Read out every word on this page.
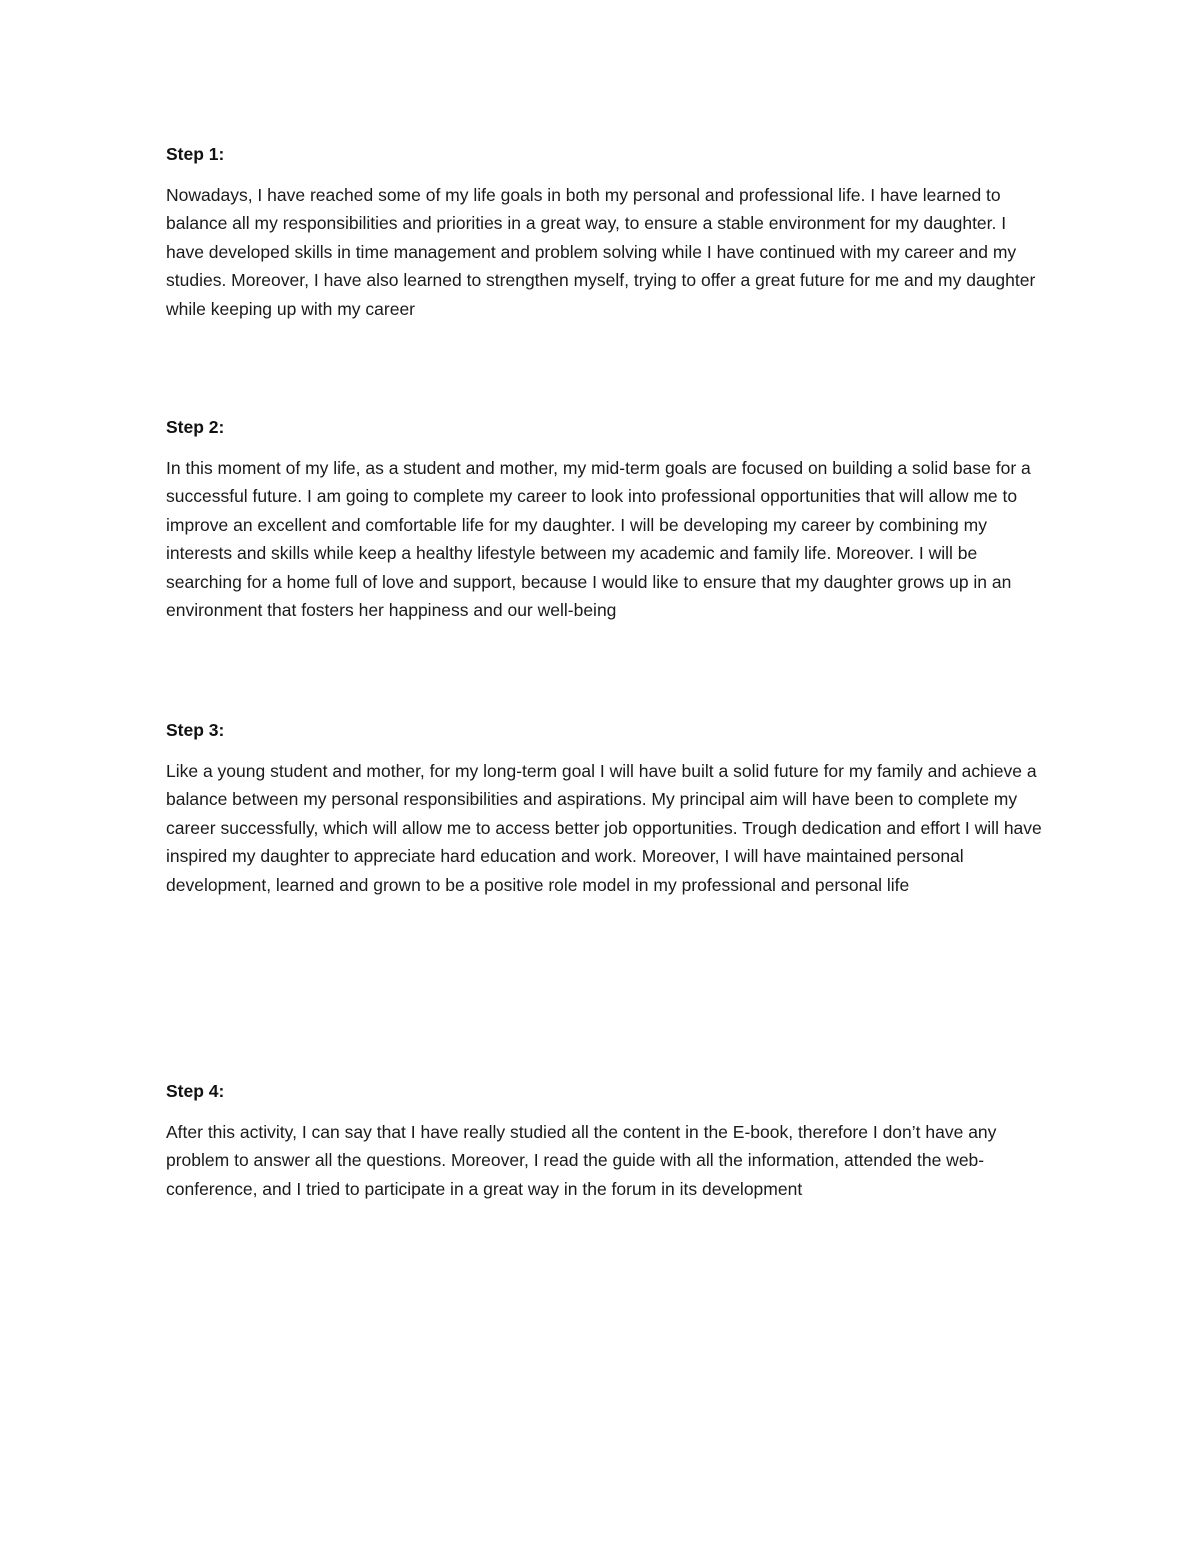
Step 1:

Nowadays, I have reached some of my life goals in both my personal and professional life. I have learned to balance all my responsibilities and priorities in a great way, to ensure a stable environment for my daughter. I have developed skills in time management and problem solving while I have continued with my career and my studies. Moreover, I have also learned to strengthen myself, trying to offer a great future for me and my daughter while keeping up with my career

Step 2:

In this moment of my life, as a student and mother, my mid-term goals are focused on building a solid base for a successful future. I am going to complete my career to look into professional opportunities that will allow me to improve an excellent and comfortable life for my daughter. I will be developing my career by combining my interests and skills while keep a healthy lifestyle between my academic and family life. Moreover. I will be searching for a home full of love and support, because I would like to ensure that my daughter grows up in an environment that fosters her happiness and our well-being

Step 3:

Like a young student and mother, for my long-term goal I will have built a solid future for my family and achieve a balance between my personal responsibilities and aspirations. My principal aim will have been to complete my career successfully, which will allow me to access better job opportunities. Trough dedication and effort I will have inspired my daughter to appreciate hard education and work. Moreover, I will have maintained personal development, learned and grown to be a positive role model in my professional and personal life

Step 4:

After this activity, I can say that I have really studied all the content in the E-book, therefore I don’t have any problem to answer all the questions. Moreover, I read the guide with all the information, attended the web-conference, and I tried to participate in a great way in the forum in its development
